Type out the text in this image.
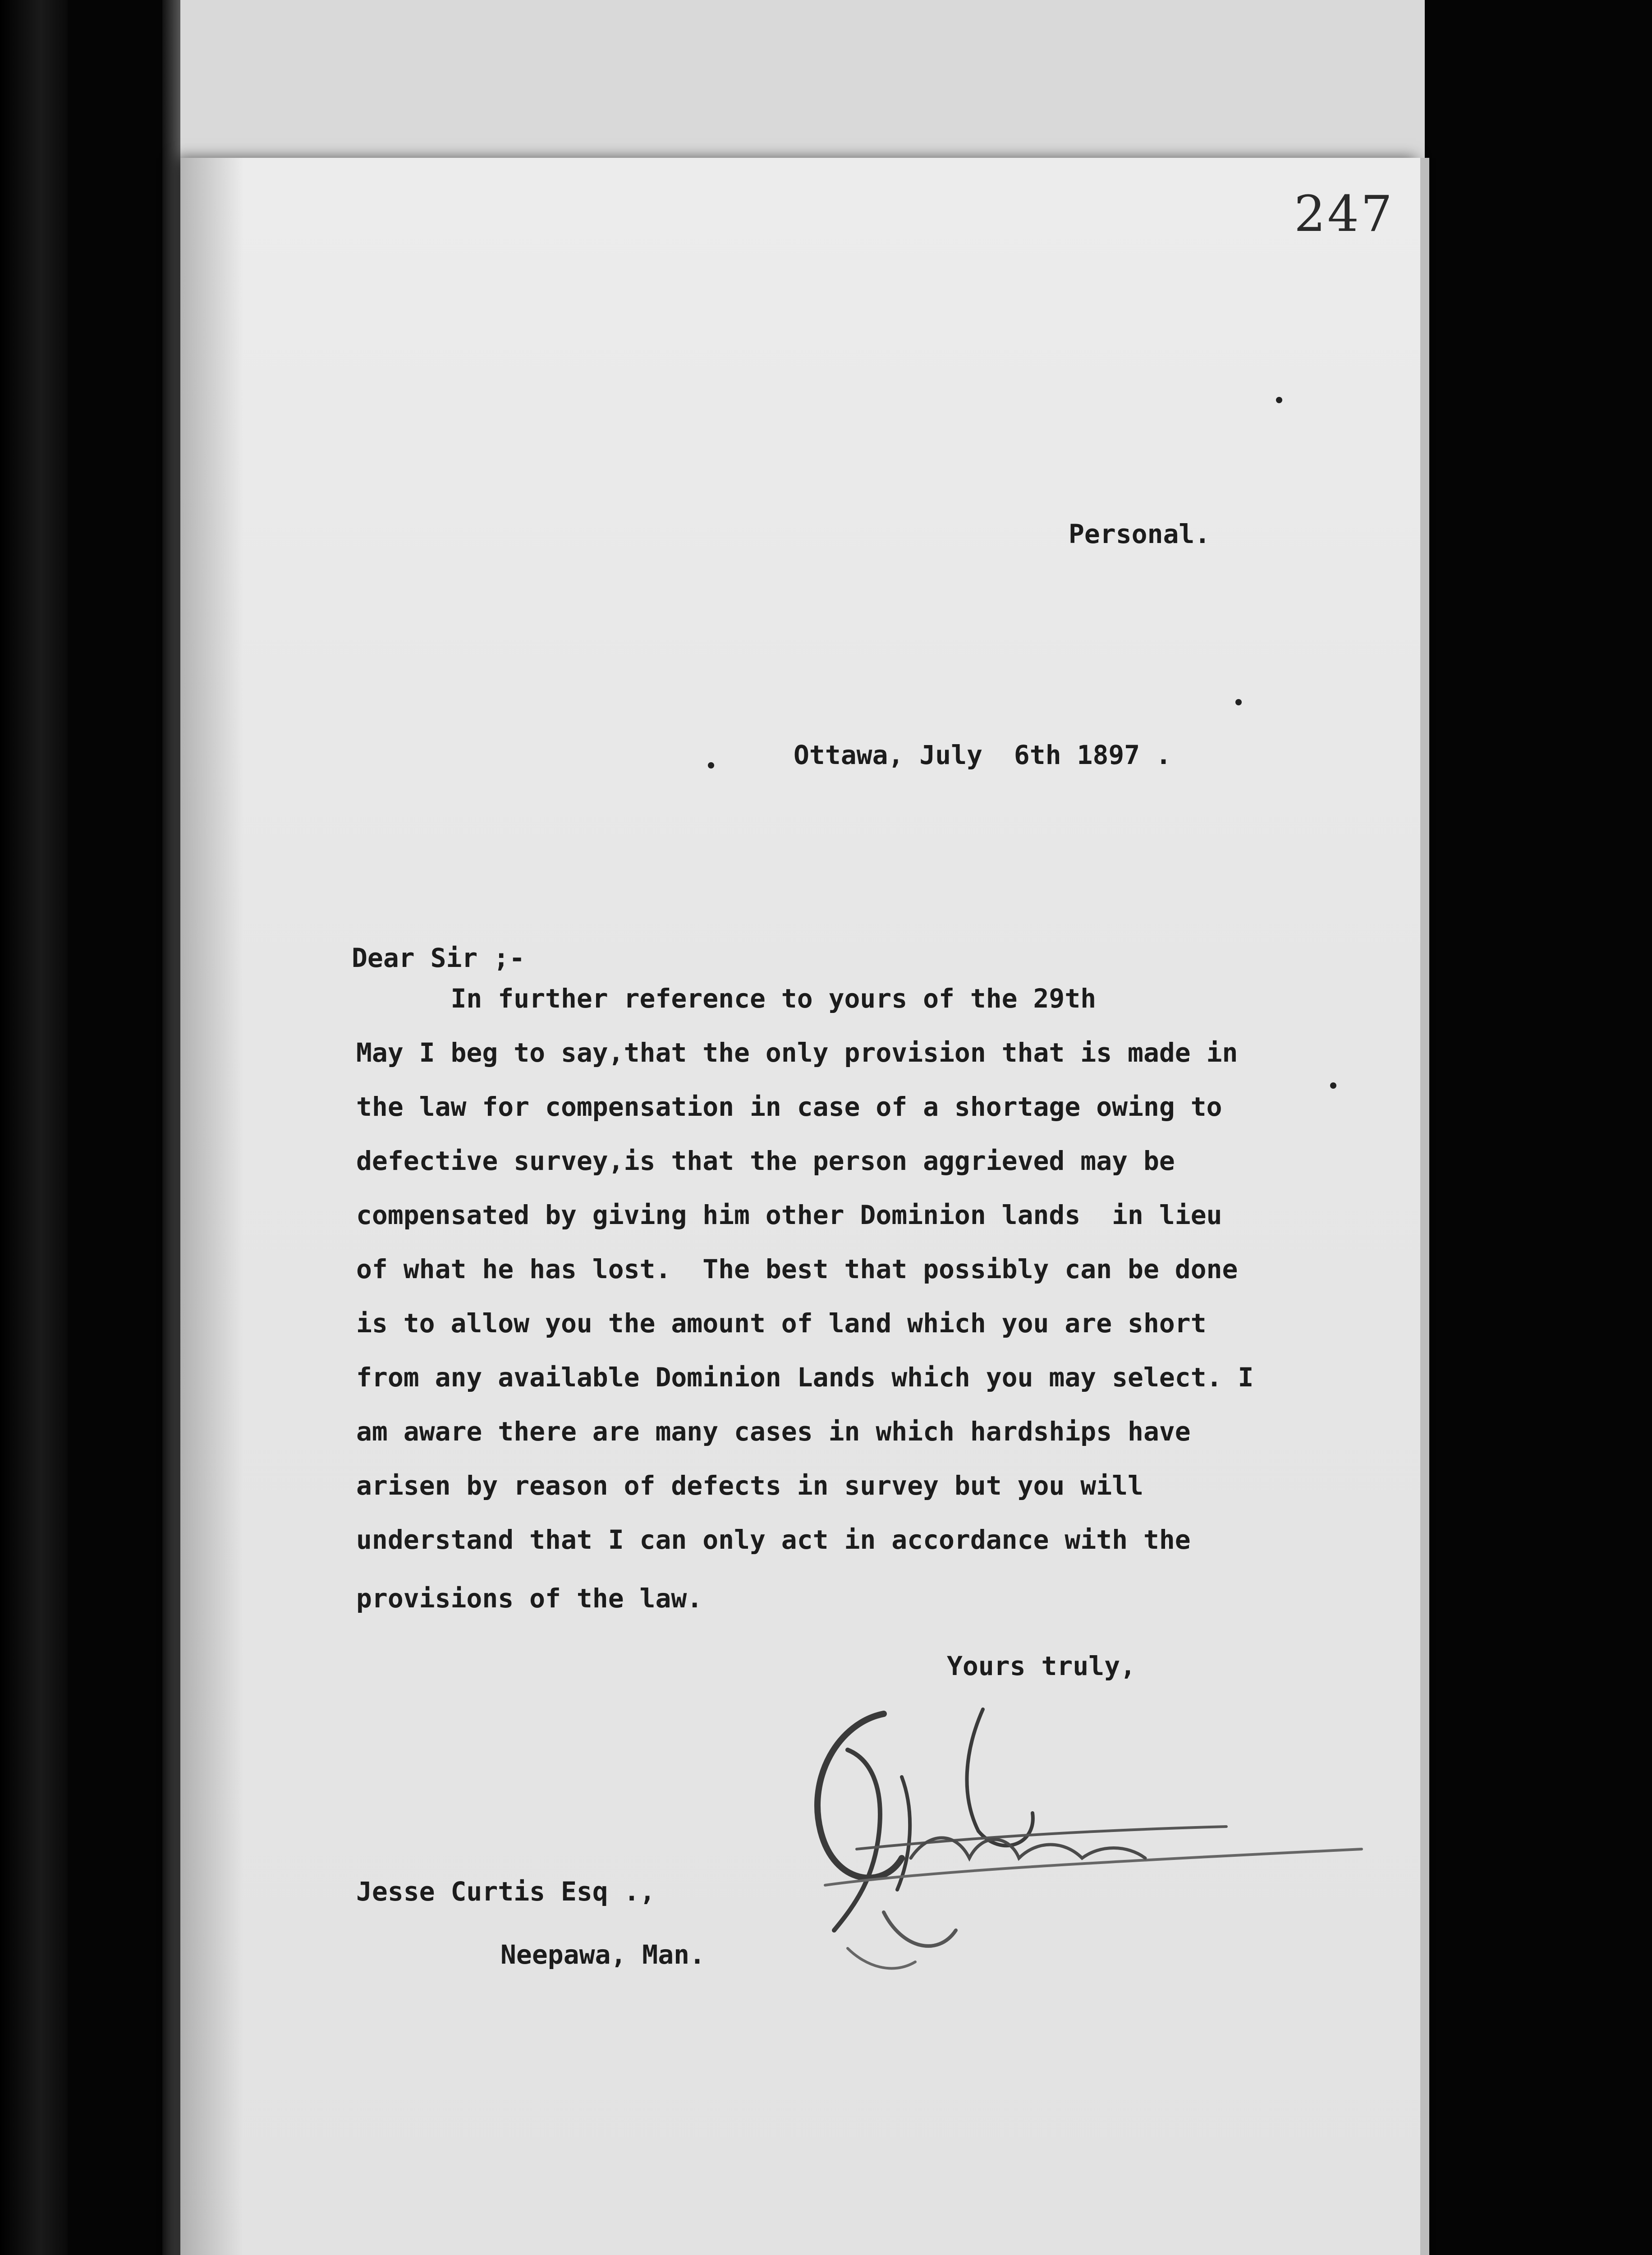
247
Personal.
Ottawa, July  6th 1897 .
Dear Sir ;-
In further reference to yours of the 29th
May I beg to say,that the only provision that is made in
the law for compensation in case of a shortage owing to
defective survey,is that the person aggrieved may be
compensated by giving him other Dominion lands  in lieu
of what he has lost.  The best that possibly can be done
is to allow you the amount of land which you are short
from any available Dominion Lands which you may select. I
am aware there are many cases in which hardships have
arisen by reason of defects in survey but you will
understand that I can only act in accordance with the
provisions of the law.
Yours truly,
Jesse Curtis Esq .,
Neepawa, Man.
